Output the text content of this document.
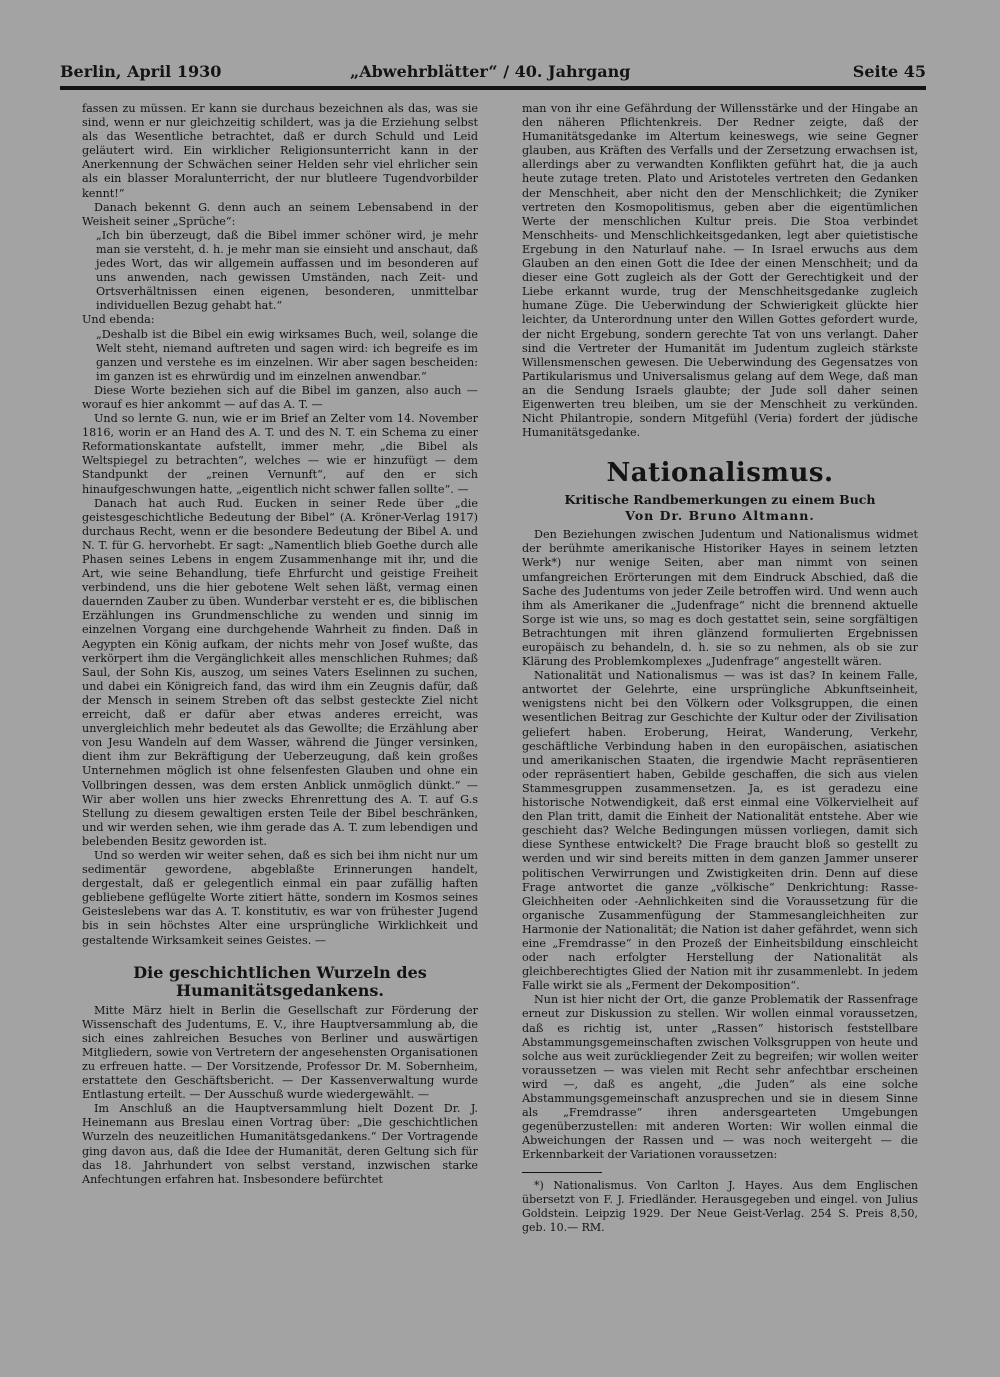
Berlin, April 1930	„Abwehrblätter“ / 40. Jahrgang	Seite 45

fassen zu müssen. Er kann sie durchaus bezeichnen als das, was sie sind, wenn er nur gleichzeitig schildert, was ja die Erziehung selbst als das Wesentliche betrachtet, daß er durch Schuld und Leid geläutert wird. Ein wirklicher Religionsunterricht kann in der Anerkennung der Schwächen seiner Helden sehr viel ehrlicher sein als ein blasser Moralunterricht, der nur blutleere Tugendvorbilder kennt!“

Danach bekennt G. denn auch an seinem Lebensabend in der Weisheit seiner „Sprüche“:

„Ich bin überzeugt, daß die Bibel immer schöner wird, je mehr man sie versteht, d. h. je mehr man sie einsieht und anschaut, daß jedes Wort, das wir allgemein auffassen und im besonderen auf uns anwenden, nach gewissen Umständen, nach Zeit- und Ortsverhältnissen einen eigenen, besonderen, unmittelbar individuellen Bezug gehabt hat.“

Und ebenda:

„Deshalb ist die Bibel ein ewig wirksames Buch, weil, solange die Welt steht, niemand auftreten und sagen wird: ich begreife es im ganzen und verstehe es im einzelnen. Wir aber sagen bescheiden: im ganzen ist es ehrwürdig und im einzelnen anwendbar.“

Diese Worte beziehen sich auf die Bibel im ganzen, also auch — worauf es hier ankommt — auf das A. T. —

Und so lernte G. nun, wie er im Brief an Zelter vom 14. November 1816, worin er an Hand des A. T. und des N. T. ein Schema zu einer Reformationskantate aufstellt, immer mehr, „die Bibel als Weltspiegel zu betrachten“, welches — wie er hinzufügt — dem Standpunkt der „reinen Vernunft“, auf den er sich hinaufgeschwungen hatte, „eigentlich nicht schwer fallen sollte“. —

Danach hat auch Rud. Eucken in seiner Rede über „die geistesgeschichtliche Bedeutung der Bibel“ (A. Kröner-Verlag 1917) durchaus Recht, wenn er die besondere Bedeutung der Bibel A. und N. T. für G. hervorhebt. Er sagt: „Namentlich blieb Goethe durch alle Phasen seines Lebens in engem Zusammenhange mit ihr, und die Art, wie seine Behandlung, tiefe Ehrfurcht und geistige Freiheit verbindend, uns die hier gebotene Welt sehen läßt, vermag einen dauernden Zauber zu üben. Wunderbar versteht er es, die biblischen Erzählungen ins Grundmenschliche zu wenden und sinnig im einzelnen Vorgang eine durchgehende Wahrheit zu finden. Daß in Aegypten ein König aufkam, der nichts mehr von Josef wußte, das verkörpert ihm die Vergänglichkeit alles menschlichen Ruhmes; daß Saul, der Sohn Kis, auszog, um seines Vaters Eselinnen zu suchen, und dabei ein Königreich fand, das wird ihm ein Zeugnis dafür, daß der Mensch in seinem Streben oft das selbst gesteckte Ziel nicht erreicht, daß er dafür aber etwas anderes erreicht, was unvergleichlich mehr bedeutet als das Gewollte; die Erzählung aber von Jesu Wandeln auf dem Wasser, während die Jünger versinken, dient ihm zur Bekräftigung der Ueberzeugung, daß kein großes Unternehmen möglich ist ohne felsenfesten Glauben und ohne ein Vollbringen dessen, was dem ersten Anblick unmöglich dünkt.“ — Wir aber wollen uns hier zwecks Ehrenrettung des A. T. auf G.s Stellung zu diesem gewaltigen ersten Teile der Bibel beschränken, und wir werden sehen, wie ihm gerade das A. T. zum lebendigen und belebenden Besitz geworden ist.

Und so werden wir weiter sehen, daß es sich bei ihm nicht nur um sedimentär gewordene, abgeblaßte Erinnerungen handelt, dergestalt, daß er gelegentlich einmal ein paar zufällig haften gebliebene geflügelte Worte zitiert hätte, sondern im Kosmos seines Geisteslebens war das A. T. konstitutiv, es war von frühester Jugend bis in sein höchstes Alter eine ursprüngliche Wirklichkeit und gestaltende Wirksamkeit seines Geistes. —

Die geschichtlichen Wurzeln des Humanitätsgedankens.

Mitte März hielt in Berlin die Gesellschaft zur Förderung der Wissenschaft des Judentums, E. V., ihre Hauptversammlung ab, die sich eines zahlreichen Besuches von Berliner und auswärtigen Mitgliedern, sowie von Vertretern der angesehensten Organisationen zu erfreuen hatte. — Der Vorsitzende, Professor Dr. M. Sobernheim, erstattete den Geschäftsbericht. — Der Kassenverwaltung wurde Entlastung erteilt. — Der Ausschuß wurde wiedergewählt. —

Im Anschluß an die Hauptversammlung hielt Dozent Dr. J. Heinemann aus Breslau einen Vortrag über: „Die geschichtlichen Wurzeln des neuzeitlichen Humanitätsgedankens.“ Der Vortragende ging davon aus, daß die Idee der Humanität, deren Geltung sich für das 18. Jahrhundert von selbst verstand, inzwischen starke Anfechtungen erfahren hat. Insbesondere befürchtet

man von ihr eine Gefährdung der Willensstärke und der Hingabe an den näheren Pflichtenkreis. Der Redner zeigte, daß der Humanitätsgedanke im Altertum keineswegs, wie seine Gegner glauben, aus Kräften des Verfalls und der Zersetzung erwachsen ist, allerdings aber zu verwandten Konflikten geführt hat, die ja auch heute zutage treten. Plato und Aristoteles vertreten den Gedanken der Menschheit, aber nicht den der Menschlichkeit; die Zyniker vertreten den Kosmopolitismus, geben aber die eigentümlichen Werte der menschlichen Kultur preis. Die Stoa verbindet Menschheits- und Menschlichkeitsgedanken, legt aber quietistische Ergebung in den Naturlauf nahe. — In Israel erwuchs aus dem Glauben an den einen Gott die Idee der einen Menschheit; und da dieser eine Gott zugleich als der Gott der Gerechtigkeit und der Liebe erkannt wurde, trug der Menschheitsgedanke zugleich humane Züge. Die Ueberwindung der Schwierigkeit glückte hier leichter, da Unterordnung unter den Willen Gottes gefordert wurde, der nicht Ergebung, sondern gerechte Tat von uns verlangt. Daher sind die Vertreter der Humanität im Judentum zugleich stärkste Willensmenschen gewesen. Die Ueberwindung des Gegensatzes von Partikularismus und Universalismus gelang auf dem Wege, daß man an die Sendung Israels glaubte; der Jude soll daher seinen Eigenwerten treu bleiben, um sie der Menschheit zu verkünden. Nicht Philantropie, sondern Mitgefühl (Veria) fordert der jüdische Humanitätsgedanke.

Nationalismus.
Kritische Randbemerkungen zu einem Buch
Von Dr. Bruno Altmann.

Den Beziehungen zwischen Judentum und Nationalismus widmet der berühmte amerikanische Historiker Hayes in seinem letzten Werk*) nur wenige Seiten, aber man nimmt von seinen umfangreichen Erörterungen mit dem Eindruck Abschied, daß die Sache des Judentums von jeder Zeile betroffen wird. Und wenn auch ihm als Amerikaner die „Judenfrage“ nicht die brennend aktuelle Sorge ist wie uns, so mag es doch gestattet sein, seine sorgfältigen Betrachtungen mit ihren glänzend formulierten Ergebnissen europäisch zu behandeln, d. h. sie so zu nehmen, als ob sie zur Klärung des Problemkomplexes „Judenfrage“ angestellt wären.

Nationalität und Nationalismus — was ist das? In keinem Falle, antwortet der Gelehrte, eine ursprüngliche Abkunftseinheit, wenigstens nicht bei den Völkern oder Volksgruppen, die einen wesentlichen Beitrag zur Geschichte der Kultur oder der Zivilisation geliefert haben. Eroberung, Heirat, Wanderung, Verkehr, geschäftliche Verbindung haben in den europäischen, asiatischen und amerikanischen Staaten, die irgendwie Macht repräsentieren oder repräsentiert haben, Gebilde geschaffen, die sich aus vielen Stammesgruppen zusammensetzen. Ja, es ist geradezu eine historische Notwendigkeit, daß erst einmal eine Völkervielheit auf den Plan tritt, damit die Einheit der Nationalität entstehe. Aber wie geschieht das? Welche Bedingungen müssen vorliegen, damit sich diese Synthese entwickelt? Die Frage braucht bloß so gestellt zu werden und wir sind bereits mitten in dem ganzen Jammer unserer politischen Verwirrungen und Zwistigkeiten drin. Denn auf diese Frage antwortet die ganze „völkische“ Denkrichtung: Rasse-Gleichheiten oder -Aehnlichkeiten sind die Voraussetzung für die organische Zusammenfügung der Stammesangleichheiten zur Harmonie der Nationalität; die Nation ist daher gefährdet, wenn sich eine „Fremdrasse“ in den Prozeß der Einheitsbildung einschleicht oder nach erfolgter Herstellung der Nationalität als gleichberechtigtes Glied der Nation mit ihr zusammenlebt. In jedem Falle wirkt sie als „Ferment der Dekomposition“.

Nun ist hier nicht der Ort, die ganze Problematik der Rassenfrage erneut zur Diskussion zu stellen. Wir wollen einmal voraussetzen, daß es richtig ist, unter „Rassen“ historisch feststellbare Abstammungsgemeinschaften zwischen Volksgruppen von heute und solche aus weit zurückliegender Zeit zu begreifen; wir wollen weiter voraussetzen — was vielen mit Recht sehr anfechtbar erscheinen wird —, daß es angeht, „die Juden“ als eine solche Abstammungsgemeinschaft anzusprechen und sie in diesem Sinne als „Fremdrasse“ ihren andersgearteten Umgebungen gegenüberzustellen: mit anderen Worten: Wir wollen einmal die Abweichungen der Rassen und — was noch weitergeht — die Erkennbarkeit der Variationen voraussetzen:

*) Nationalismus. Von Carlton J. Hayes. Aus dem Englischen übersetzt von F. J. Friedländer. Herausgegeben und eingel. von Julius Goldstein. Leipzig 1929. Der Neue Geist-Verlag. 254 S. Preis 8,50, geb. 10.— RM.
